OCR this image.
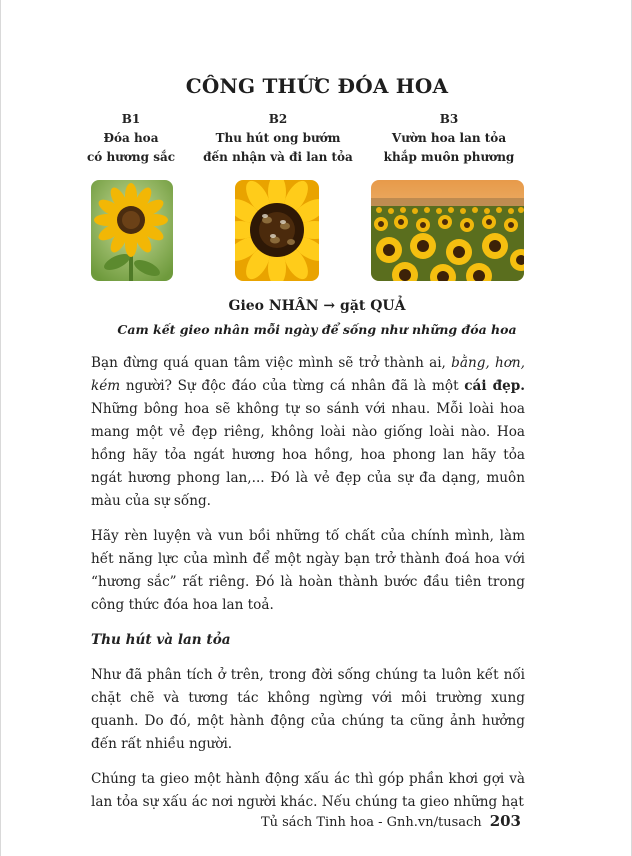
CÔNG THỨC ĐÓA HOA
B1
Đóa hoa
có hương sắc
B2
Thu hút ong bướm
đến nhận và đi lan tỏa
B3
Vườn hoa lan tỏa
khắp muôn phương
Gieo NHÂN → gặt QUẢ
Cam kết gieo nhân mỗi ngày để sống như những đóa hoa

Bạn đừng quá quan tâm việc mình sẽ trở thành ai, bằng, hơn, kém người? Sự độc đáo của từng cá nhân đã là một cái đẹp. Những bông hoa sẽ không tự so sánh với nhau. Mỗi loài hoa mang một vẻ đẹp riêng, không loài nào giống loài nào. Hoa hồng hãy tỏa ngát hương hoa hồng, hoa phong lan hãy tỏa ngát hương phong lan,... Đó là vẻ đẹp của sự đa dạng, muôn màu của sự sống.

Hãy rèn luyện và vun bồi những tố chất của chính mình, làm hết năng lực của mình để một ngày bạn trở thành đoá hoa với “hương sắc” rất riêng. Đó là hoàn thành bước đầu tiên trong công thức đóa hoa lan toả.

Thu hút và lan tỏa

Như đã phân tích ở trên, trong đời sống chúng ta luôn kết nối chặt chẽ và tương tác không ngừng với môi trường xung quanh. Do đó, một hành động của chúng ta cũng ảnh hưởng đến rất nhiều người.

Chúng ta gieo một hành động xấu ác thì góp phần khơi gợi và lan tỏa sự xấu ác nơi người khác. Nếu chúng ta gieo những hạt

Tủ sách Tinh hoa - Gnh.vn/tusach 203
